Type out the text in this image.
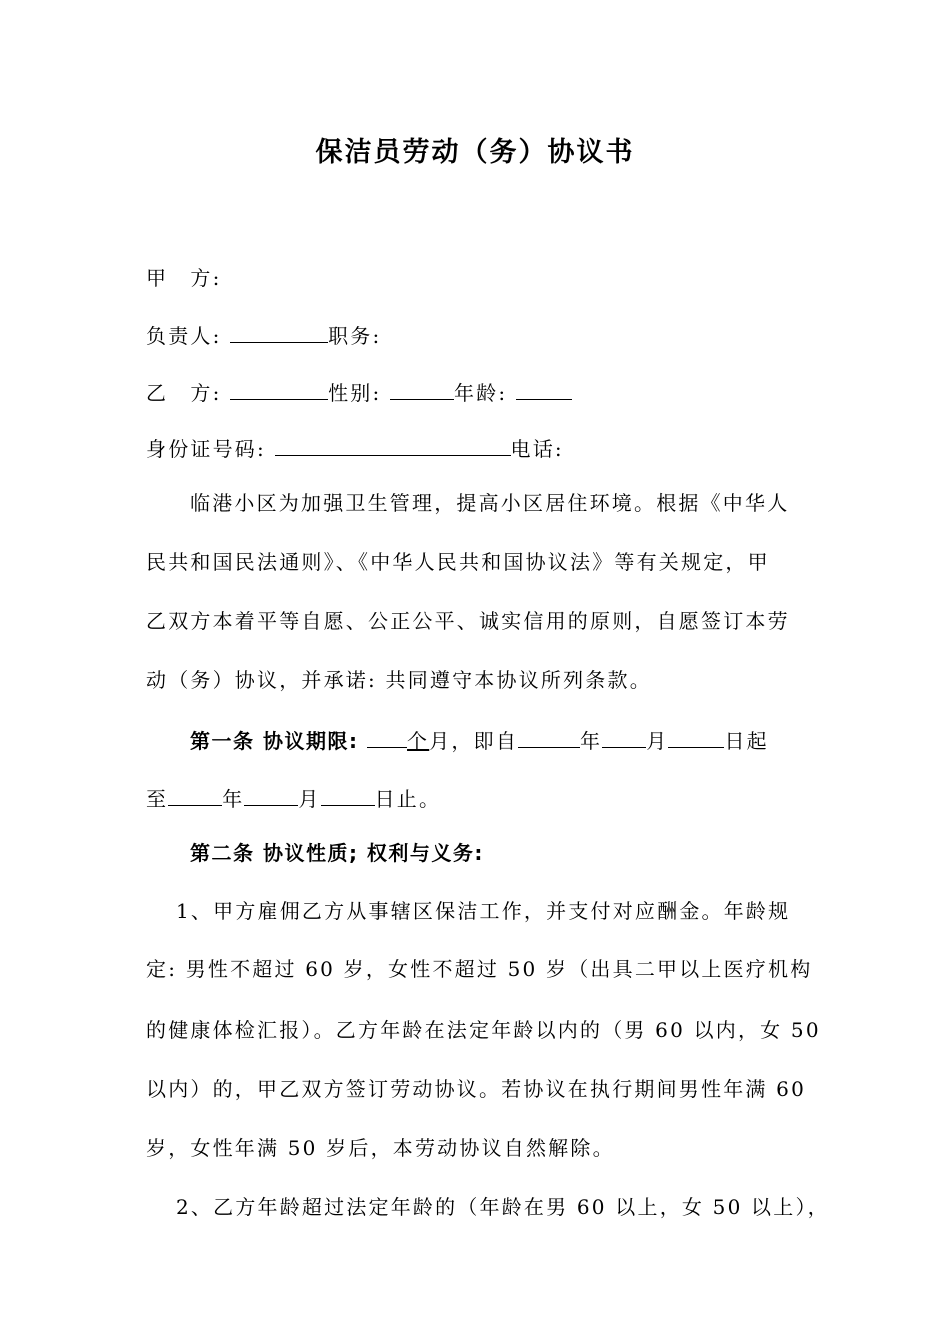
保洁员劳动（务）协议书
甲　方:
负责人:	职务:
乙　方:	性别:	年龄:
身份证号码:	电话:
临港小区为加强卫生管理，提高小区居住环境。根据《中华人
民共和国民法通则》、《中华人民共和国协议法》等有关规定，甲
乙双方本着平等自愿、公正公平、诚实信用的原则，自愿签订本劳
动（务）协议，并承诺: 共同遵守本协议所列条款。
第一条 协议期限: 个月，即自	年 月	日起
至	年	月	日止。
第二条 协议性质; 权利与义务:
1、甲方雇佣乙方从事辖区保洁工作，并支付对应酬金。年龄规
定: 男性不超过 60 岁，女性不超过 50 岁（出具二甲以上医疗机构
的健康体检汇报）。乙方年龄在法定年龄以内的（男 60 以内，女 50
以内）的，甲乙双方签订劳动协议。若协议在执行期间男性年满 60
岁，女性年满 50 岁后，本劳动协议自然解除。
2、乙方年龄超过法定年龄的（年龄在男 60 以上，女 50 以上），
